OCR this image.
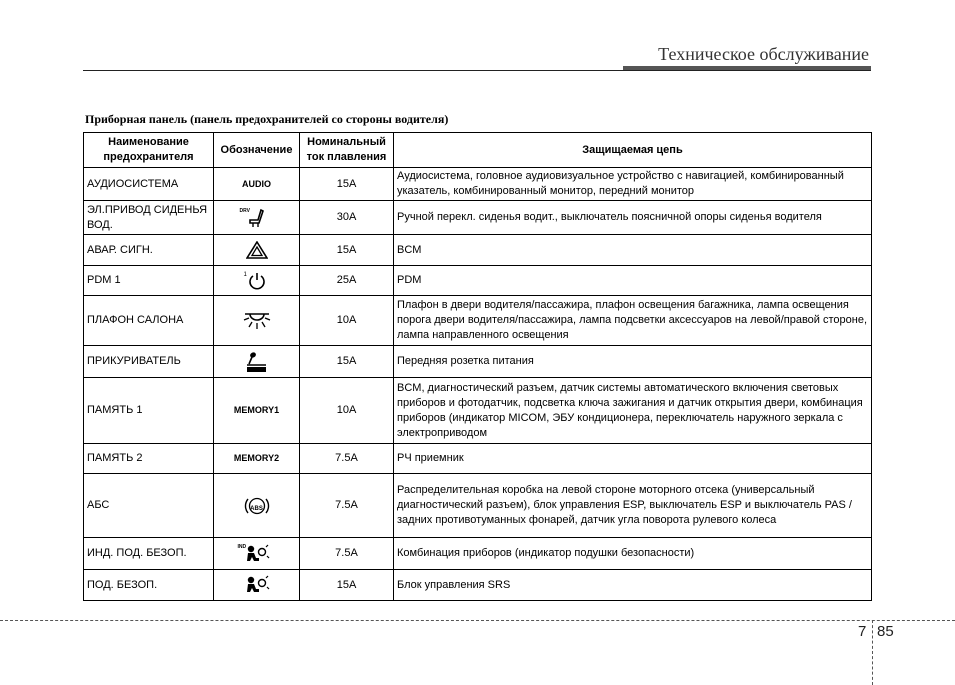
Техническое обслуживание
Приборная панель (панель предохранителей со стороны водителя)
Наименование предохранителя	Обозначение	Номинальный ток плавления	Защищаемая цепь
АУДИОСИСТЕМА	AUDIO	15A	Аудиосистема, головное аудиовизуальное устройство с навигацией, комбинированный указатель, комбинированный монитор, передний монитор
ЭЛ.ПРИВОД СИДЕНЬЯ ВОД.	DRV	30A	Ручной перекл. сиденья водит., выключатель поясничной опоры сиденья водителя
АВАР. СИГН.		15A	BCM
PDM 1	1	25A	PDM
ПЛАФОН САЛОНА		10A	Плафон в двери водителя/пассажира, плафон освещения багажника, лампа освещения порога двери водителя/пассажира, лампа подсветки аксессуаров на левой/правой стороне, лампа направленного освещения
ПРИКУРИВАТЕЛЬ		15A	Передняя розетка питания
ПАМЯТЬ 1	MEMORY1	10A	BCM, диагностический разъем, датчик системы автоматического включения световых приборов и фотодатчик, подсветка ключа зажигания и датчик открытия двери, комбинация приборов (индикатор MICOM, ЭБУ кондиционера, переключатель наружного зеркала с электроприводом
ПАМЯТЬ 2	MEMORY2	7.5A	РЧ приемник
АБС	ABS	7.5A	Распределительная коробка на левой стороне моторного отсека (универсальный диагностический разъем), блок управления ESP, выключатель ESP и выключатель PAS / задних противотуманных фонарей, датчик угла поворота рулевого колеса
ИНД. ПОД. БЕЗОП.	IND	7.5A	Комбинация приборов (индикатор подушки безопасности)
ПОД. БЕЗОП.		15A	Блок управления SRS
7 85
